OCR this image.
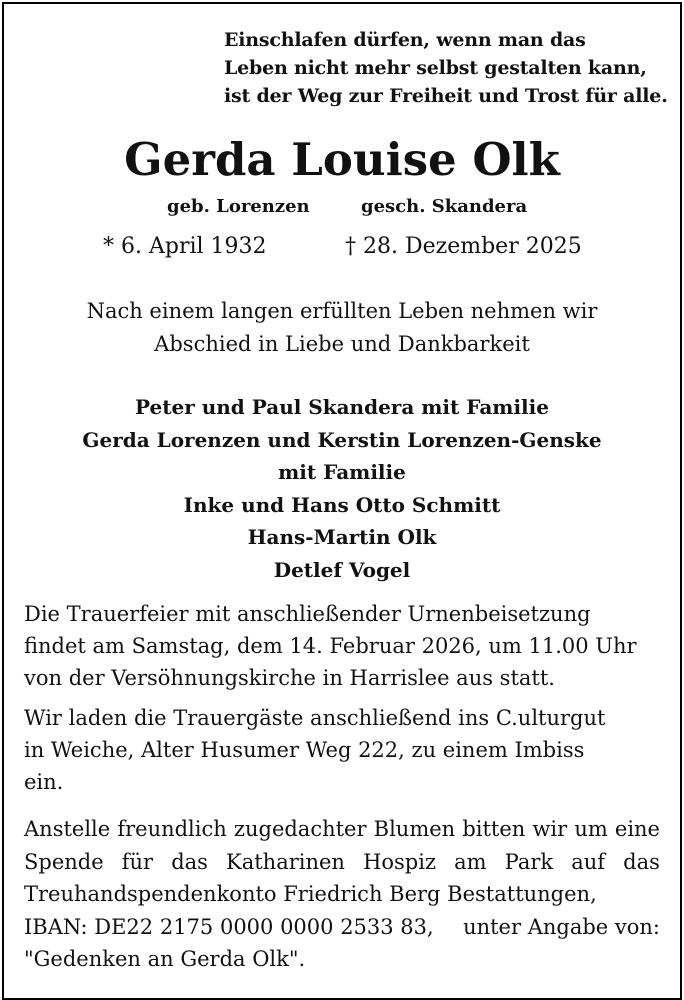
Einschlafen dürfen, wenn man das
Leben nicht mehr selbst gestalten kann,
ist der Weg zur Freiheit und Trost für alle.
Gerda Louise Olk
geb. Lorenzen	gesch. Skandera
* 6. April 1932	† 28. Dezember 2025
Nach einem langen erfüllten Leben nehmen wir
Abschied in Liebe und Dankbarkeit
Peter und Paul Skandera mit Familie
Gerda Lorenzen und Kerstin Lorenzen-Genske
mit Familie
Inke und Hans Otto Schmitt
Hans-Martin Olk
Detlef Vogel
Die Trauerfeier mit anschließender Urnenbeisetzung
findet am Samstag, dem 14. Februar 2026, um 11.00 Uhr
von der Versöhnungskirche in Harrislee aus statt.
Wir laden die Trauergäste anschließend ins C.ulturgut
in Weiche, Alter Husumer Weg 222, zu einem Imbiss
ein.
Anstelle freundlich zugedachter Blumen bitten wir um eine
Spende für das Katharinen Hospiz am Park auf das
Treuhandspendenkonto Friedrich Berg Bestattungen,
IBAN: DE22 2175 0000 0000 2533 83, unter Angabe von:
"Gedenken an Gerda Olk".
